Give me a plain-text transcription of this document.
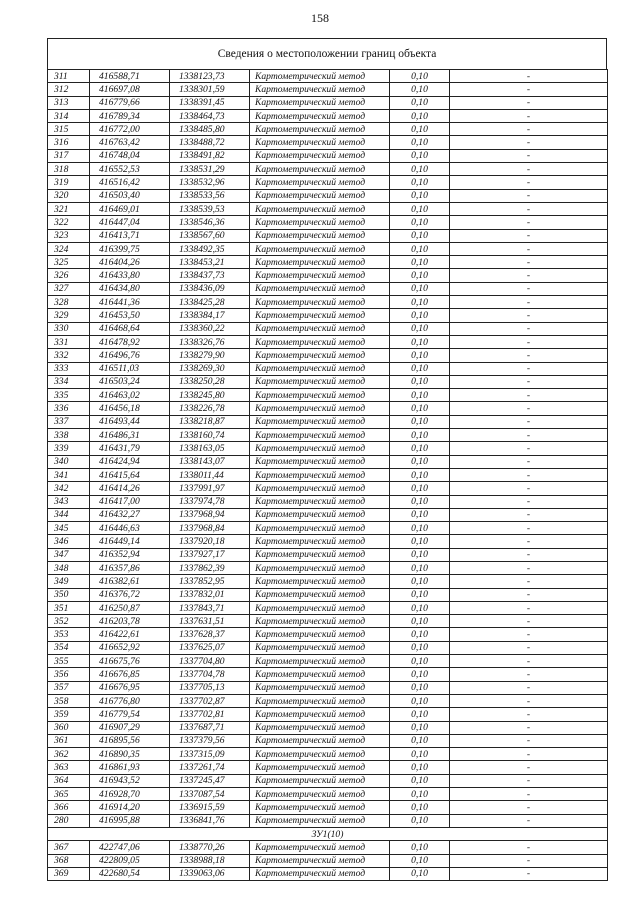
158
Сведения о местоположении границ объекта
311	416588,71	1338123,73	Картометрический метод	0,10	-
312	416697,08	1338301,59	Картометрический метод	0,10	-
313	416779,66	1338391,45	Картометрический метод	0,10	-
314	416789,34	1338464,73	Картометрический метод	0,10	-
315	416772,00	1338485,80	Картометрический метод	0,10	-
316	416763,42	1338488,72	Картометрический метод	0,10	-
317	416748,04	1338491,82	Картометрический метод	0,10	-
318	416552,53	1338531,29	Картометрический метод	0,10	-
319	416516,42	1338532,96	Картометрический метод	0,10	-
320	416503,40	1338533,56	Картометрический метод	0,10	-
321	416469,01	1338539,53	Картометрический метод	0,10	-
322	416447,04	1338546,36	Картометрический метод	0,10	-
323	416413,71	1338567,60	Картометрический метод	0,10	-
324	416399,75	1338492,35	Картометрический метод	0,10	-
325	416404,26	1338453,21	Картометрический метод	0,10	-
326	416433,80	1338437,73	Картометрический метод	0,10	-
327	416434,80	1338436,09	Картометрический метод	0,10	-
328	416441,36	1338425,28	Картометрический метод	0,10	-
329	416453,50	1338384,17	Картометрический метод	0,10	-
330	416468,64	1338360,22	Картометрический метод	0,10	-
331	416478,92	1338326,76	Картометрический метод	0,10	-
332	416496,76	1338279,90	Картометрический метод	0,10	-
333	416511,03	1338269,30	Картометрический метод	0,10	-
334	416503,24	1338250,28	Картометрический метод	0,10	-
335	416463,02	1338245,80	Картометрический метод	0,10	-
336	416456,18	1338226,78	Картометрический метод	0,10	-
337	416493,44	1338218,87	Картометрический метод	0,10	-
338	416486,31	1338160,74	Картометрический метод	0,10	-
339	416431,79	1338163,05	Картометрический метод	0,10	-
340	416424,94	1338143,07	Картометрический метод	0,10	-
341	416415,64	1338011,44	Картометрический метод	0,10	-
342	416414,26	1337991,97	Картометрический метод	0,10	-
343	416417,00	1337974,78	Картометрический метод	0,10	-
344	416432,27	1337968,94	Картометрический метод	0,10	-
345	416446,63	1337968,84	Картометрический метод	0,10	-
346	416449,14	1337920,18	Картометрический метод	0,10	-
347	416352,94	1337927,17	Картометрический метод	0,10	-
348	416357,86	1337862,39	Картометрический метод	0,10	-
349	416382,61	1337852,95	Картометрический метод	0,10	-
350	416376,72	1337832,01	Картометрический метод	0,10	-
351	416250,87	1337843,71	Картометрический метод	0,10	-
352	416203,78	1337631,51	Картометрический метод	0,10	-
353	416422,61	1337628,37	Картометрический метод	0,10	-
354	416652,92	1337625,07	Картометрический метод	0,10	-
355	416675,76	1337704,80	Картометрический метод	0,10	-
356	416676,85	1337704,78	Картометрический метод	0,10	-
357	416676,95	1337705,13	Картометрический метод	0,10	-
358	416776,80	1337702,87	Картометрический метод	0,10	-
359	416779,54	1337702,81	Картометрический метод	0,10	-
360	416907,29	1337687,71	Картометрический метод	0,10	-
361	416895,56	1337379,56	Картометрический метод	0,10	-
362	416890,35	1337315,09	Картометрический метод	0,10	-
363	416861,93	1337261,74	Картометрический метод	0,10	-
364	416943,52	1337245,47	Картометрический метод	0,10	-
365	416928,70	1337087,54	Картометрический метод	0,10	-
366	416914,20	1336915,59	Картометрический метод	0,10	-
280	416995,88	1336841,76	Картометрический метод	0,10	-
ЗУ1(10)					
367	422747,06	1338770,26	Картометрический метод	0,10	-
368	422809,05	1338988,18	Картометрический метод	0,10	-
369	422680,54	1339063,06	Картометрический метод	0,10	-
